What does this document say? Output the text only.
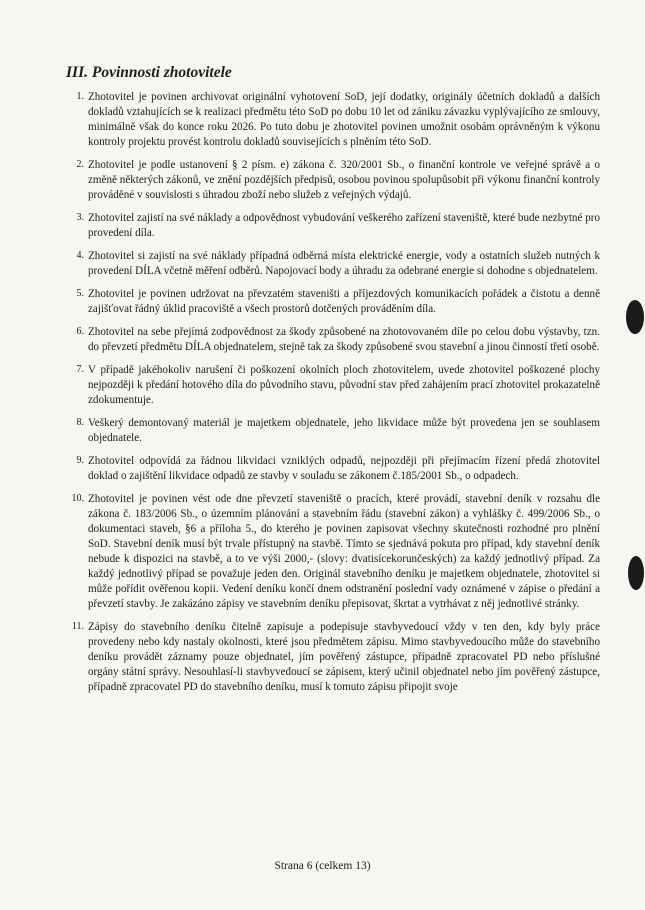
III. Povinnosti zhotovitele
1. Zhotovitel je povinen archivovat originální vyhotovení SoD, její dodatky, originály účetních dokladů a dalších dokladů vztahujících se k realizaci předmětu této SoD po dobu 10 let od zániku závazku vyplývajícího ze smlouvy, minimálně však do konce roku 2026. Po tuto dobu je zhotovitel povinen umožnit osobám oprávněným k výkonu kontroly projektu provést kontrolu dokladů souvisejících s plněním této SoD.
2. Zhotovitel je podle ustanovení § 2 písm. e) zákona č. 320/2001 Sb., o finanční kontrole ve veřejné správě a o změně některých zákonů, ve znění pozdějších předpisů, osobou povinou spolupůsobit při výkonu finanční kontroly prováděné v souvislosti s úhradou zboží nebo služeb z veřejných výdajů.
3. Zhotovitel zajistí na své náklady a odpovědnost vybudování veškerého zařízení staveniště, které bude nezbytné pro provedení díla.
4. Zhotovitel si zajistí na své náklady případná odběrná místa elektrické energie, vody a ostatních služeb nutných k provedení DÍLA včetně měření odběrů. Napojovací body a úhradu za odebrané energie si dohodne s objednatelem.
5. Zhotovitel je povinen udržovat na převzatém staveništi a příjezdových komunikacích pořádek a čistotu a denně zajišťovat řádný úklid pracoviště a všech prostorů dotčených prováděním díla.
6. Zhotovitel na sebe přejímá zodpovědnost za škody způsobené na zhotovovaném díle po celou dobu výstavby, tzn. do převzetí předmětu DÍLA objednatelem, stejně tak za škody způsobené svou stavební a jinou činností třetí osobě.
7. V případě jakéhokoliv narušení či poškození okolních ploch zhotovitelem, uvede zhotovitel poškozené plochy nejpozději k předání hotového díla do původního stavu, původní stav před zahájením prací zhotovitel prokazatelně zdokumentuje.
8. Veškerý demontovaný materiál je majetkem objednatele, jeho likvidace může být provedena jen se souhlasem objednatele.
9. Zhotovitel odpovídá za řádnou likvidaci vzniklých odpadů, nejpozději při přejímacím řízení předá zhotovitel doklad o zajištění likvidace odpadů ze stavby v souladu se zákonem č.185/2001 Sb., o odpadech.
10. Zhotovitel je povinen vést ode dne převzetí staveniště o pracích, které provádí, stavební deník v rozsahu dle zákona č. 183/2006 Sb., o územním plánování a stavebním řádu (stavební zákon) a vyhlášky č. 499/2006 Sb., o dokumentaci staveb, §6 a příloha 5., do kterého je povinen zapisovat všechny skutečnosti rozhodné pro plnění SoD. Stavební deník musí být trvale přístupný na stavbě. Tímto se sjednává pokuta pro případ, kdy stavební deník nebude k dispozici na stavbě, a to ve výši 2000,- (slovy: dvatisícekorunčeských) za každý jednotlivý případ. Za každý jednotlivý případ se považuje jeden den. Originál stavebního deníku je majetkem objednatele, zhotovitel si může pořídit ověřenou kopii. Vedení deníku končí dnem odstranění poslední vady oznámené v zápise o předání a převzetí stavby. Je zakázáno zápisy ve stavebním deníku přepisovat, škrtat a vytrhávat z něj jednotlivé stránky.
11. Zápisy do stavebního deníku čitelně zapisuje a podepisuje stavbyvedoucí vždy v ten den, kdy byly práce provedeny nebo kdy nastaly okolnosti, které jsou předmětem zápisu. Mimo stavbyvedoucího může do stavebního deníku provádět záznamy pouze objednatel, jím pověřený zástupce, případně zpracovatel PD nebo příslušné orgány státní správy. Nesouhlasí-li stavbyvedoucí se zápisem, který učinil objednatel nebo jím pověřený zástupce, případně zpracovatel PD do stavebního deníku, musí k tomuto zápisu připojit svoje
Strana 6 (celkem 13)
